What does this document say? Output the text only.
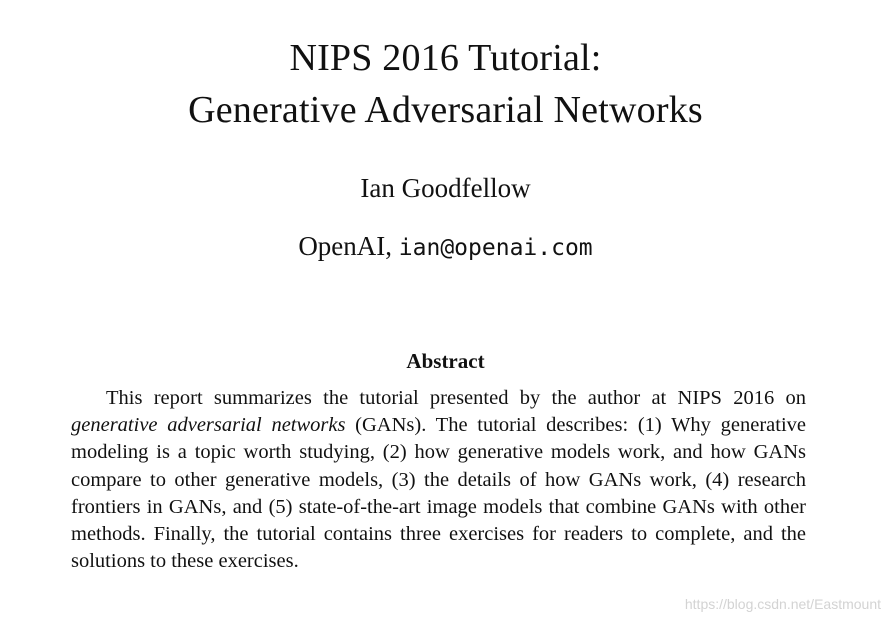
NIPS 2016 Tutorial:
Generative Adversarial Networks
Ian Goodfellow
OpenAI, ian@openai.com
Abstract

This report summarizes the tutorial presented by the author at NIPS 2016 on generative adversarial networks (GANs). The tutorial describes: (1) Why generative modeling is a topic worth studying, (2) how generative models work, and how GANs compare to other generative models, (3) the details of how GANs work, (4) research frontiers in GANs, and (5) state-of-the-art image models that combine GANs with other methods. Finally, the tutorial contains three exercises for readers to complete, and the solutions to these exercises.

https://blog.csdn.net/Eastmount
